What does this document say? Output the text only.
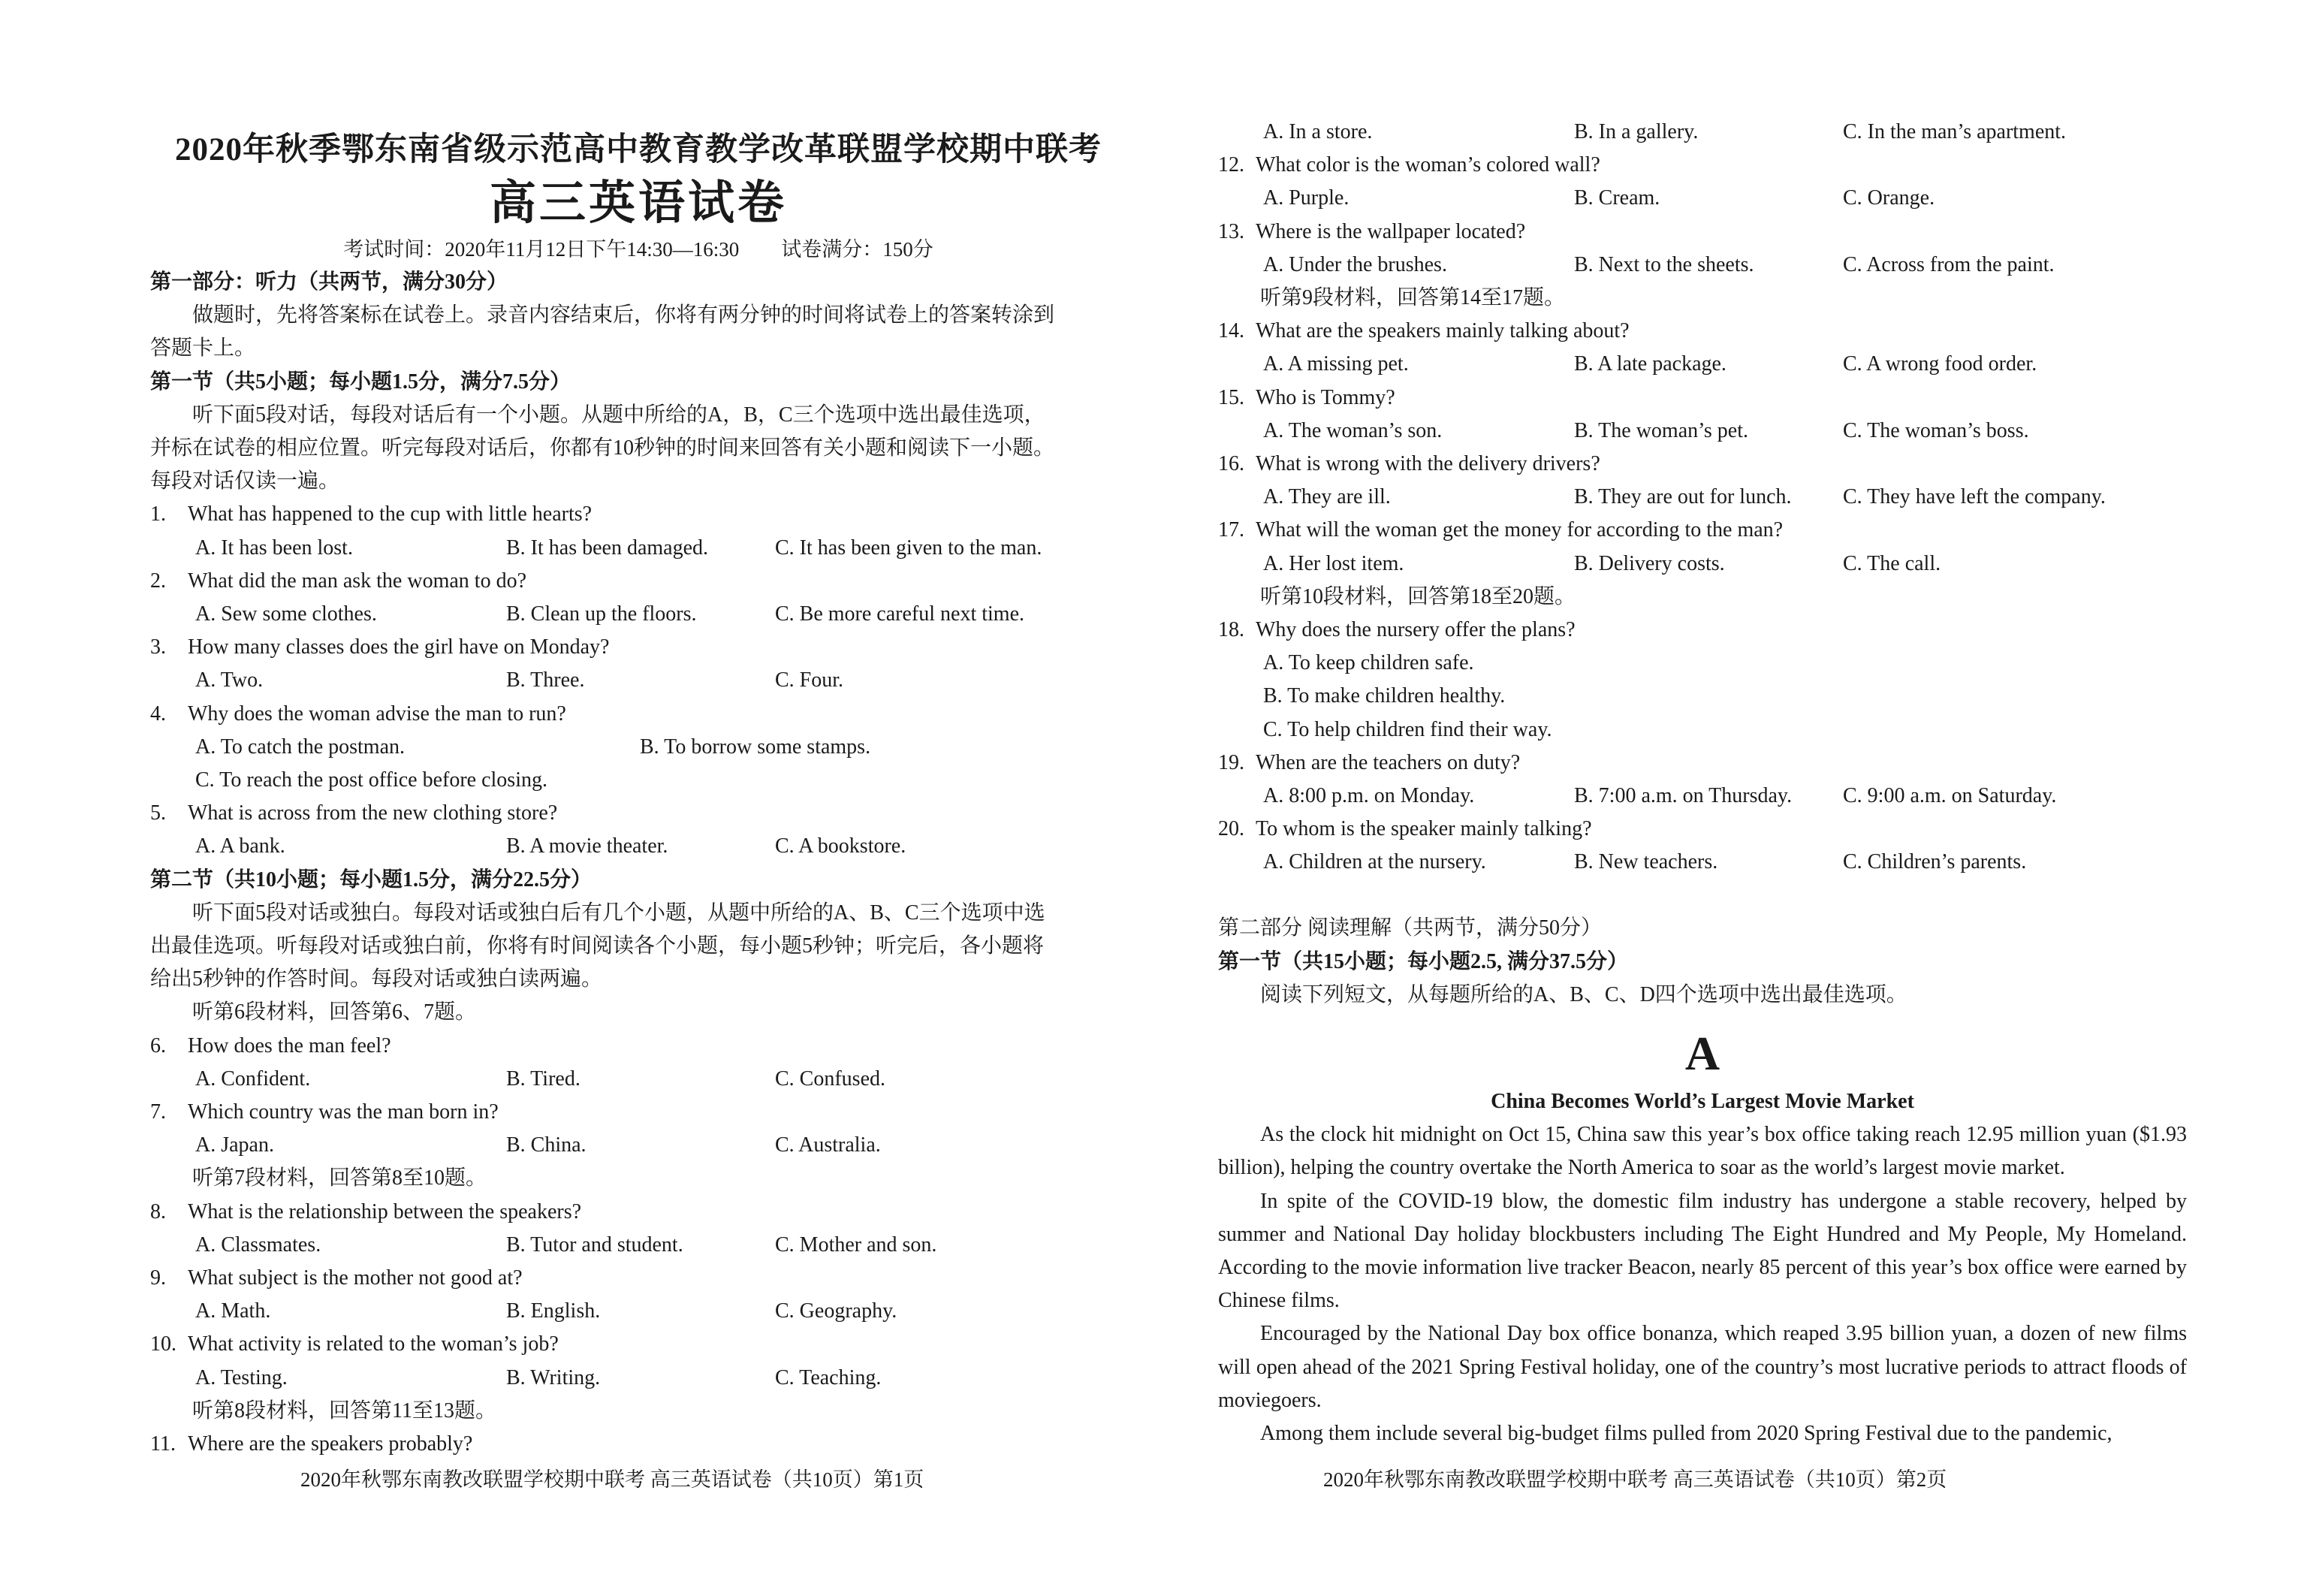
2020年秋季鄂东南省级示范高中教育教学改革联盟学校期中联考
高三英语试卷
考试时间：2020年11月12日下午14:30—16:30 试卷满分：150分
第一部分：听力（共两节，满分30分）
做题时，先将答案标在试卷上。录音内容结束后，你将有两分钟的时间将试卷上的答案转涂到
答题卡上。
第一节（共5小题；每小题1.5分，满分7.5分）
听下面5段对话，每段对话后有一个小题。从题中所给的A，B，C三个选项中选出最佳选项，
并标在试卷的相应位置。听完每段对话后，你都有10秒钟的时间来回答有关小题和阅读下一小题。
每段对话仅读一遍。
1. What has happened to the cup with little hearts?
A. It has been lost.	B. It has been damaged.	C. It has been given to the man.
2. What did the man ask the woman to do?
A. Sew some clothes.	B. Clean up the floors.	C. Be more careful next time.
3. How many classes does the girl have on Monday?
A. Two.	B. Three.	C. Four.
4. Why does the woman advise the man to run?
A. To catch the postman.	B. To borrow some stamps.
C. To reach the post office before closing.
5. What is across from the new clothing store?
A. A bank.	B. A movie theater.	C. A bookstore.
第二节（共10小题；每小题1.5分，满分22.5分）
听下面5段对话或独白。每段对话或独白后有几个小题，从题中所给的A、B、C三个选项中选
出最佳选项。听每段对话或独白前，你将有时间阅读各个小题，每小题5秒钟；听完后，各小题将
给出5秒钟的作答时间。每段对话或独白读两遍。
听第6段材料，回答第6、7题。
6. How does the man feel?
A. Confident.	B. Tired.	C. Confused.
7. Which country was the man born in?
A. Japan.	B. China.	C. Australia.
听第7段材料，回答第8至10题。
8. What is the relationship between the speakers?
A. Classmates.	B. Tutor and student.	C. Mother and son.
9. What subject is the mother not good at?
A. Math.	B. English.	C. Geography.
10. What activity is related to the woman’s job?
A. Testing.	B. Writing.	C. Teaching.
听第8段材料，回答第11至13题。
11. Where are the speakers probably?
2020年秋鄂东南教改联盟学校期中联考 高三英语试卷（共10页）第1页
A. In a store.	B. In a gallery.	C. In the man’s apartment.
12. What color is the woman’s colored wall?
A. Purple.	B. Cream.	C. Orange.
13. Where is the wallpaper located?
A. Under the brushes.	B. Next to the sheets.	C. Across from the paint.
听第9段材料，回答第14至17题。
14. What are the speakers mainly talking about?
A. A missing pet.	B. A late package.	C. A wrong food order.
15. Who is Tommy?
A. The woman’s son.	B. The woman’s pet.	C. The woman’s boss.
16. What is wrong with the delivery drivers?
A. They are ill.	B. They are out for lunch. C. They have left the company.
17. What will the woman get the money for according to the man?
A. Her lost item.	B. Delivery costs.	C. The call.
听第10段材料，回答第18至20题。
18. Why does the nursery offer the plans?
A. To keep children safe.
B. To make children healthy.
C. To help children find their way.
19. When are the teachers on duty?
A. 8:00 p.m. on Monday.	B. 7:00 a.m. on Thursday. C. 9:00 a.m. on Saturday.
20. To whom is the speaker mainly talking?
A. Children at the nursery.	B. New teachers.	C. Children’s parents.
第二部分 阅读理解（共两节，满分50分）
第一节（共15小题；每小题2.5, 满分37.5分）
阅读下列短文，从每题所给的A、B、C、D四个选项中选出最佳选项。
A
China Becomes World’s Largest Movie Market

As the clock hit midnight on Oct 15, China saw this year’s box office taking reach 12.95 million yuan ($1.93 billion), helping the country overtake the North America to soar as the world’s largest movie market.

In spite of the COVID-19 blow, the domestic film industry has undergone a stable recovery, helped by summer and National Day holiday blockbusters including The Eight Hundred and My People, My Homeland. According to the movie information live tracker Beacon, nearly 85 percent of this year’s box office were earned by Chinese films.

Encouraged by the National Day box office bonanza, which reaped 3.95 billion yuan, a dozen of new films will open ahead of the 2021 Spring Festival holiday, one of the country’s most lucrative periods to attract floods of moviegoers.

Among them include several big-budget films pulled from 2020 Spring Festival due to the pandemic,

2020年秋鄂东南教改联盟学校期中联考 高三英语试卷（共10页）第2页
